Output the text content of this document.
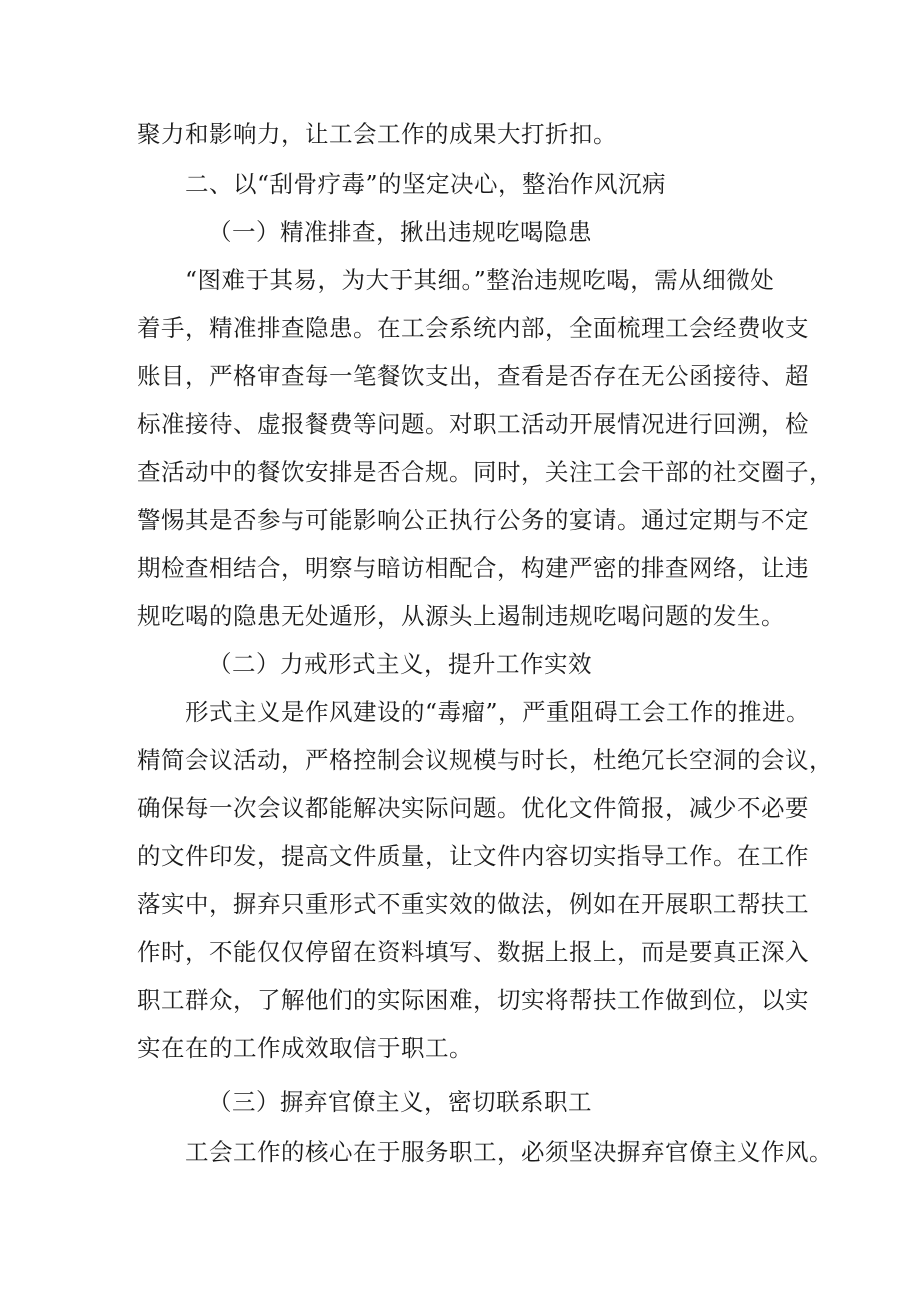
聚力和影响力，让工会工作的成果大打折扣。
二、以“刮骨疗毒”的坚定决心，整治作风沉病
（一）精准排查，揪出违规吃喝隐患
“图难于其易，为大于其细。”整治违规吃喝，需从细微处
着手，精准排查隐患。在工会系统内部，全面梳理工会经费收支
账目，严格审查每一笔餐饮支出，查看是否存在无公函接待、超
标准接待、虚报餐费等问题。对职工活动开展情况进行回溯，检
查活动中的餐饮安排是否合规。同时，关注工会干部的社交圈子，
警惕其是否参与可能影响公正执行公务的宴请。通过定期与不定
期检查相结合，明察与暗访相配合，构建严密的排查网络，让违
规吃喝的隐患无处遁形，从源头上遏制违规吃喝问题的发生。
（二）力戒形式主义，提升工作实效
形式主义是作风建设的“毒瘤”，严重阻碍工会工作的推进。
精简会议活动，严格控制会议规模与时长，杜绝冗长空洞的会议，
确保每一次会议都能解决实际问题。优化文件简报，减少不必要
的文件印发，提高文件质量，让文件内容切实指导工作。在工作
落实中，摒弃只重形式不重实效的做法，例如在开展职工帮扶工
作时，不能仅仅停留在资料填写、数据上报上，而是要真正深入
职工群众，了解他们的实际困难，切实将帮扶工作做到位，以实
实在在的工作成效取信于职工。
（三）摒弃官僚主义，密切联系职工
工会工作的核心在于服务职工，必须坚决摒弃官僚主义作风。
